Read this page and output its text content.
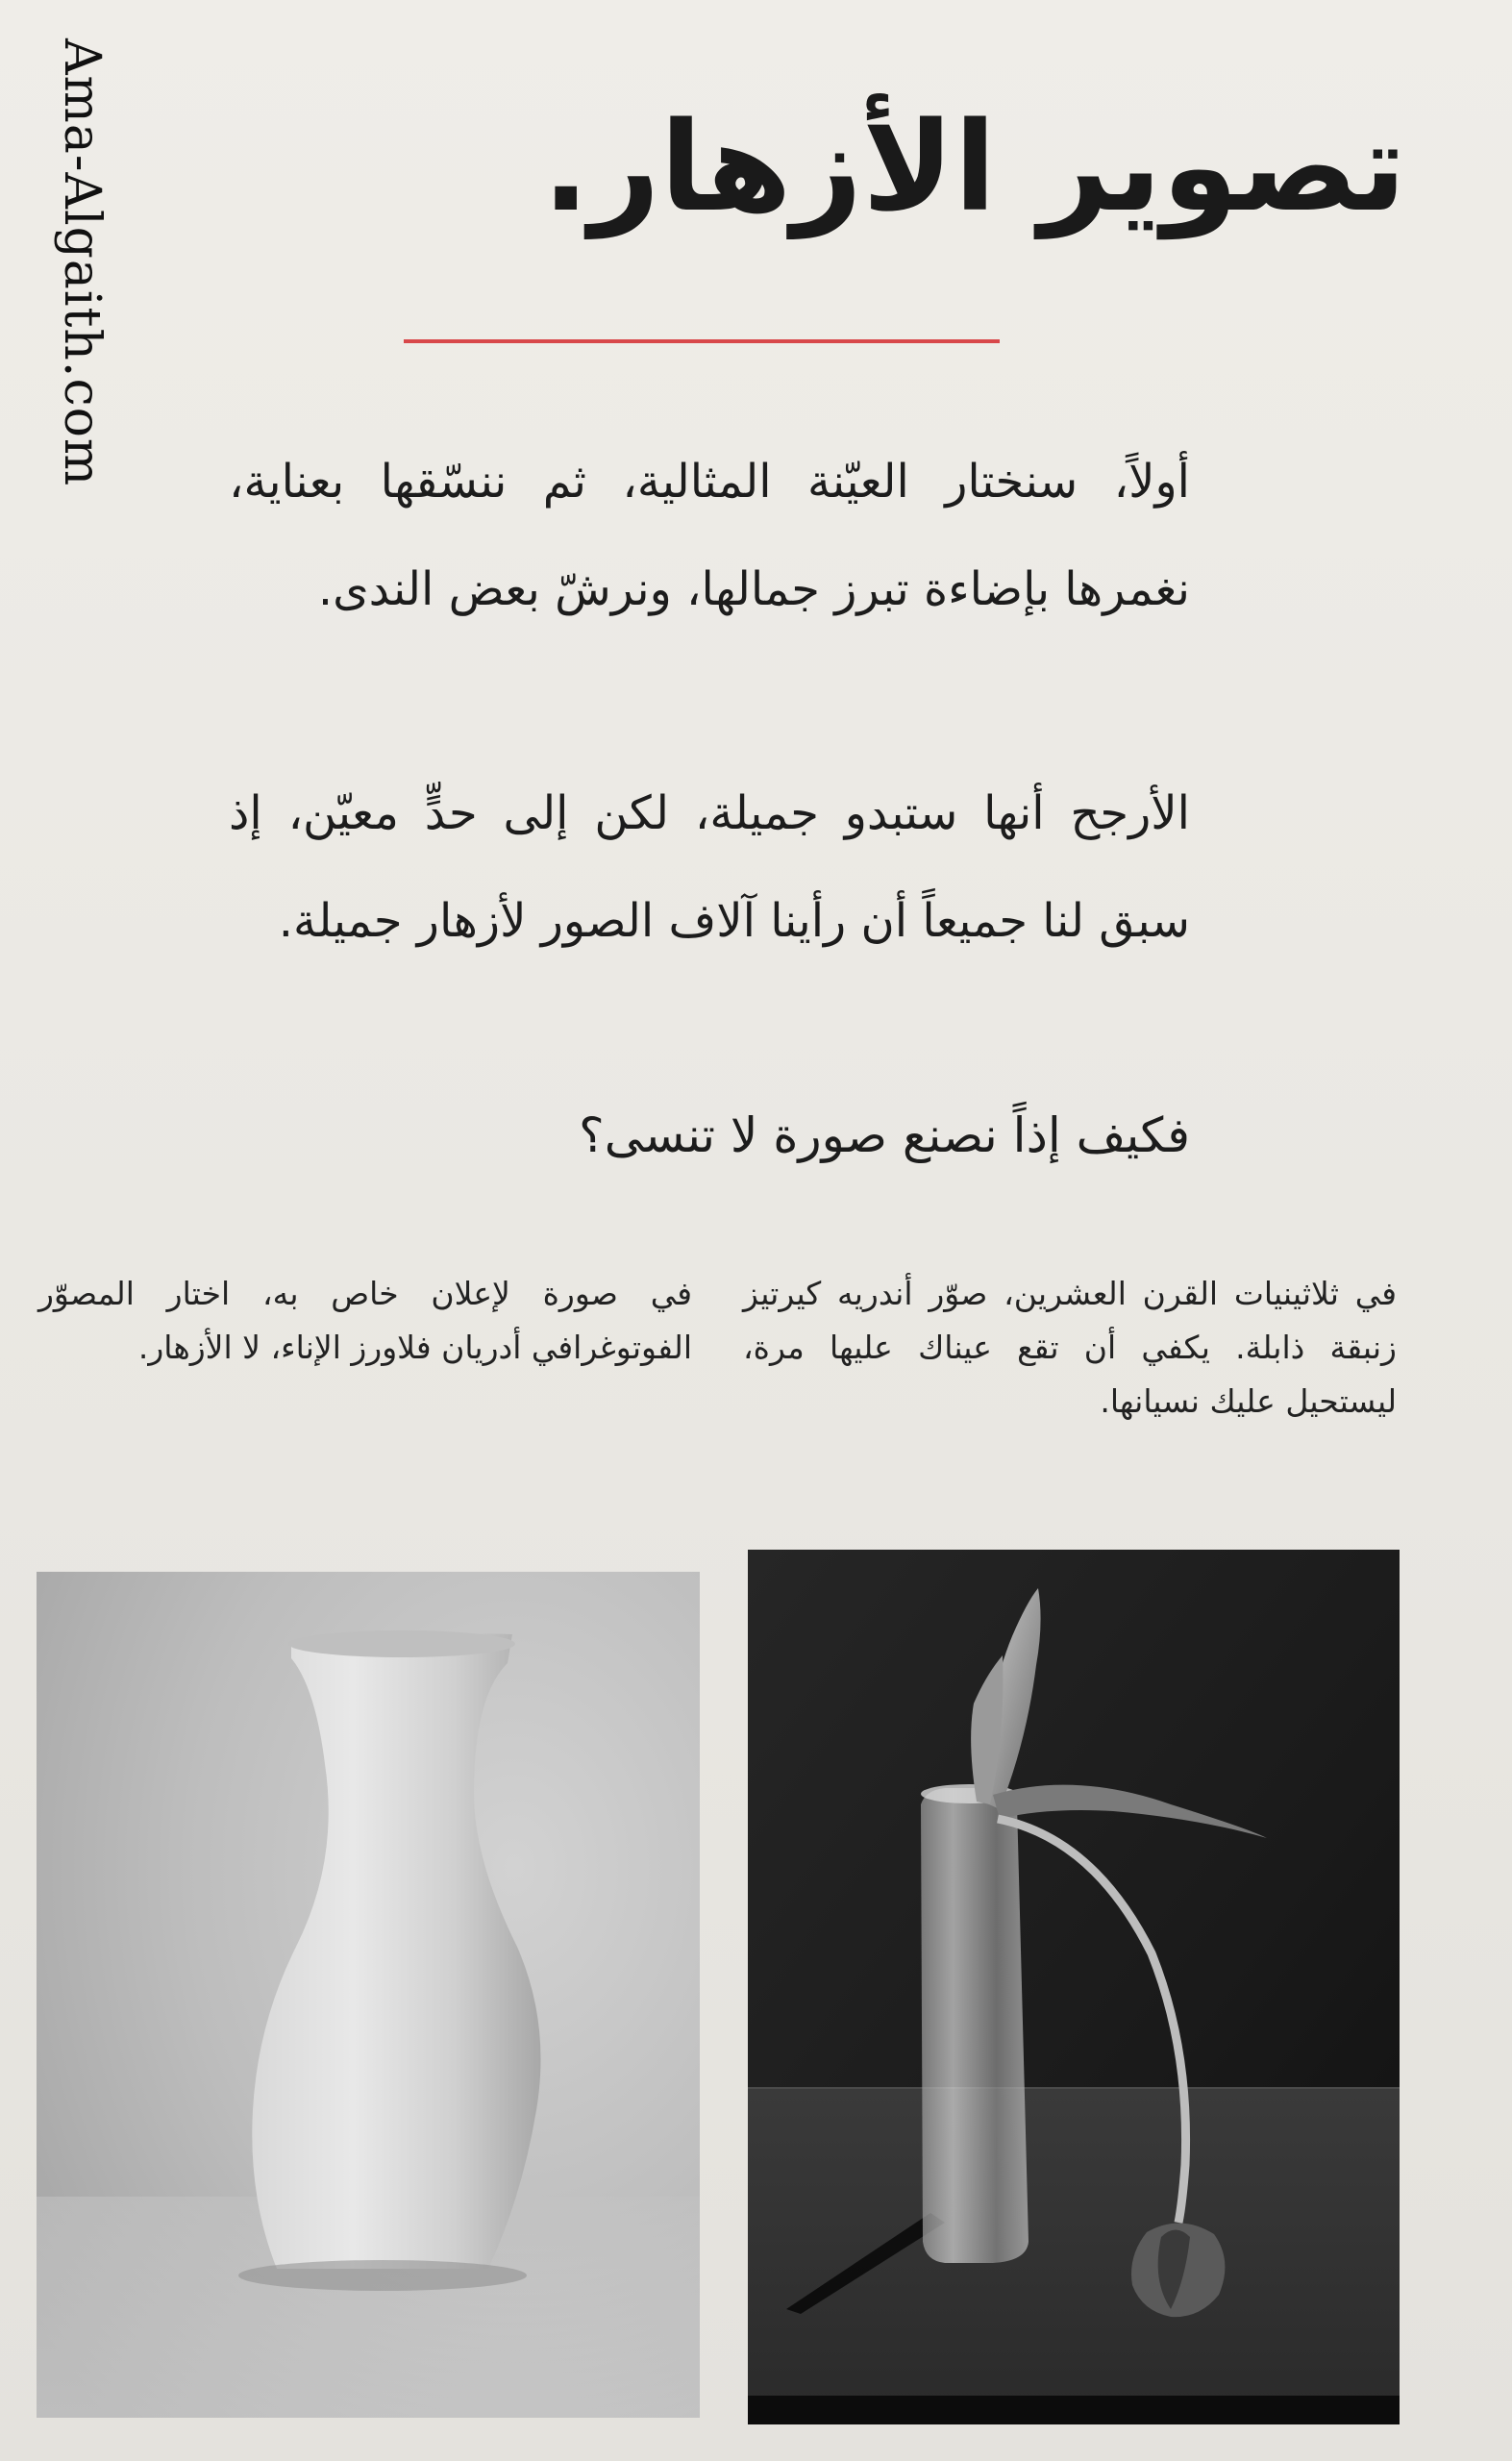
Ama-Algaith.com	تصوير الأزهار.
أولاً، سنختار العيّنة المثالية، ثم ننسّقها بعناية، نغمرها بإضاءة تبرز جمالها، ونرشّ بعض الندى.
الأرجح أنها ستبدو جميلة، لكن إلى حدٍّ معيّن، إذ سبق لنا جميعاً أن رأينا آلاف الصور لأزهار جميلة.
فكيف إذاً نصنع صورة لا تنسى؟
في ثلاثينيات القرن العشرين، صوّر أندريه كيرتيز زنبقة ذابلة. يكفي أن تقع عيناك عليها مرة، ليستحيل عليك نسيانها.
في صورة لإعلان خاص به، اختار المصوّر الفوتوغرافي أدريان فلاورز الإناء، لا الأزهار.
